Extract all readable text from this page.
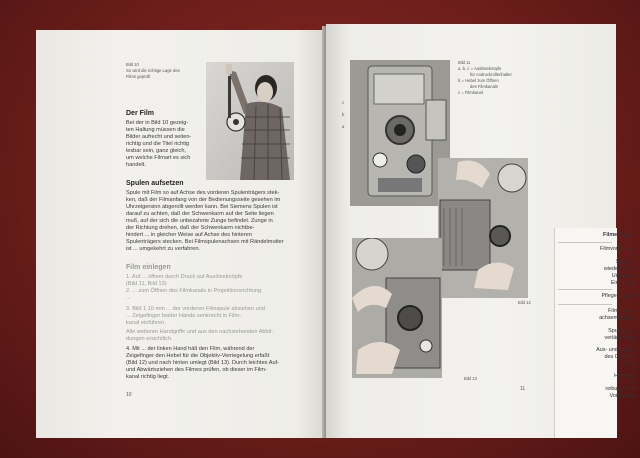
Bild 10
So wird die richtige Lage des
Films geprüft
Der Film
Bei der in Bild 10 gezeig-
ten Haltung müssen die
Bilder aufrecht und seiten-
richtig und die Titel richtig
lesbar sein, ganz gleich,
um welche Filmart es sich
handelt.
Spulen aufsetzen
Spule mit Film so auf Achse des vorderen Spulenträgers stek-
ken, daß der Filmanfang von der Bedienungsseite gesehen im
Uhrzeigersinn abgerollt werden kann. Bei Siemens Spulen ist
darauf zu achten, daß der Schwenkarm auf der Seite liegen
muß, auf der sich die unbezahnte Zunge befindet. Zunge in
der Richtung drehen, daß der Schwenkarm nichtbe-
hindert ... in gleicher Weise auf Achse des hinteren
Spulenträgers stecken. Bei Filmspulenachsen mit Rändelmutter
ist ... umgekehrt zu verfahren.
Film einlegen
1. Auf ... öffnen durch Druck auf Auslöseknöpfe
(Bild 11, Bild 13)
2. ... zum Öffnen des Filmkanals in Projektionsrichtung
...
3. Bild 1 10 mm ... der vorderen Filmspule abziehen und
... Zeigefinger beider Hände senkrecht in Film-
kanal einführen.
Alle weiteren Handgriffe und aus den nachstehenden Abbil-
dungen ersichtlich.
4. Mit ... der linken Hand hält den Film, während der
Zeigefinger den Hebel für die Objektiv-Verriegelung erfaßt
(Bild 12) und nach hinten umlegt (Bild 13). Durch leichtes Auf-
und Abwärtsziehen des Filmes prüfen, ob dieser im Film-
kanal richtig liegt.
10
Bild 11
a, b, c = Auslöseknöpfe
für Andruckrollenhalter
b = Hebel zum Öffnen
des Filmkanals
c = Filmkanal
c
b
a
Bild 12
Bild 13
11
Filmeinlegen
Filmvorführung
•
Szenen-
wiederholung
Umspulen
Einpacken
Pflege • Ölung
Filmspulen-
achsenwechsel
•
Spulenarm-
verlängerung
•
Aus- und Einbau
des Objektiv-
trägers
•
Hinweise
für
reibungslose
Vorführung
